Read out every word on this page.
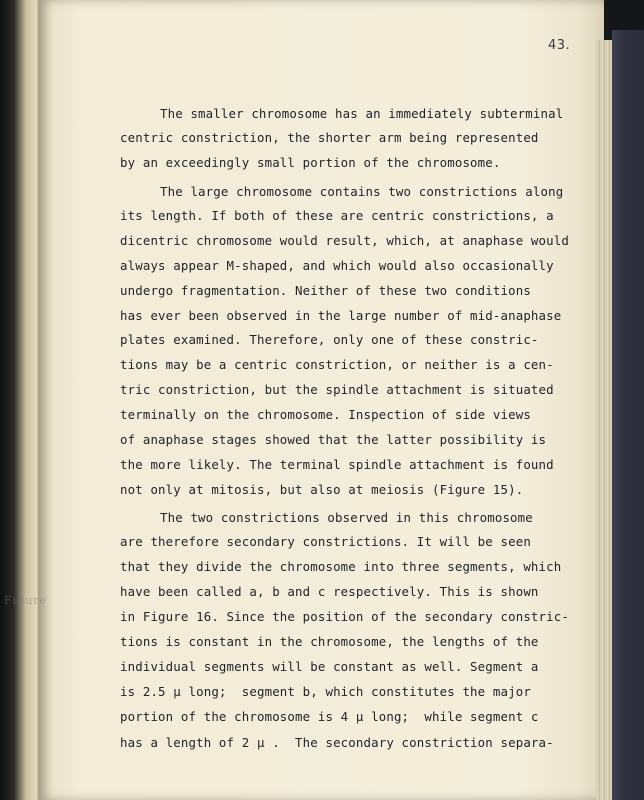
43.
Figure
The smaller chromosome has an immediately subterminal
centric constriction, the shorter arm being represented
by an exceedingly small portion of the chromosome.
The large chromosome contains two constrictions along
its length. If both of these are centric constrictions, a
dicentric chromosome would result, which, at anaphase would
always appear M-shaped, and which would also occasionally
undergo fragmentation. Neither of these two conditions
has ever been observed in the large number of mid-anaphase
plates examined. Therefore, only one of these constric-
tions may be a centric constriction, or neither is a cen-
tric constriction, but the spindle attachment is situated
terminally on the chromosome. Inspection of side views
of anaphase stages showed that the latter possibility is
the more likely. The terminal spindle attachment is found
not only at mitosis, but also at meiosis (Figure 15).
The two constrictions observed in this chromosome
are therefore secondary constrictions. It will be seen
that they divide the chromosome into three segments, which
have been called a, b and c respectively. This is shown
in Figure 16. Since the position of the secondary constric-
tions is constant in the chromosome, the lengths of the
individual segments will be constant as well. Segment a
is 2.5 μ long;  segment b, which constitutes the major
portion of the chromosome is 4 μ long;  while segment c
has a length of 2 μ .  The secondary constriction separa-
